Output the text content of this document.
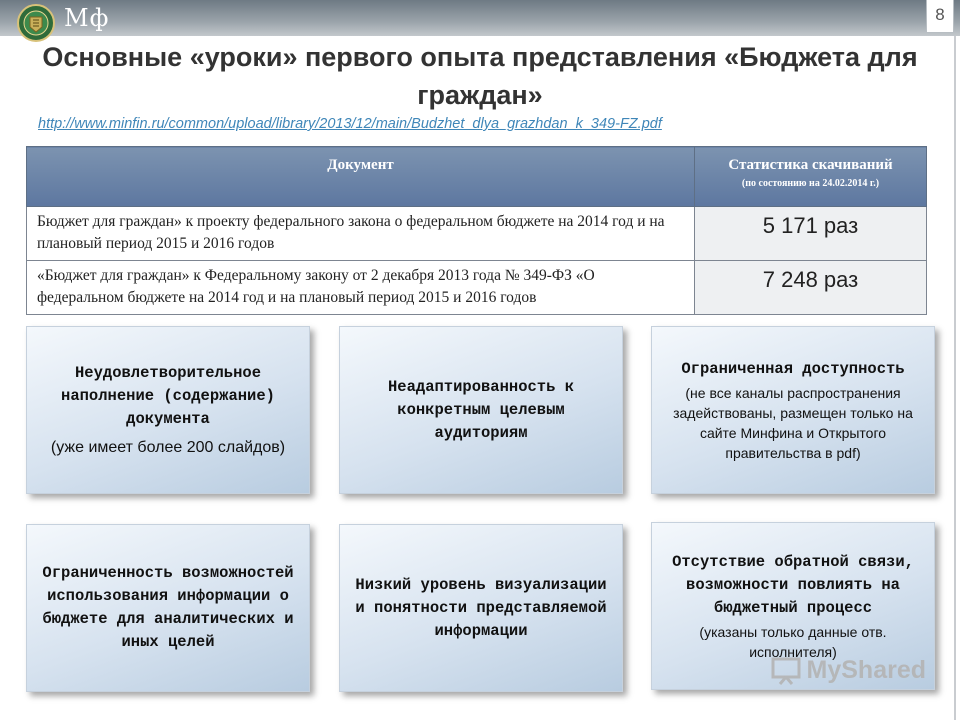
Мф	8
Основные «уроки» первого опыта представления «Бюджета для граждан»
http://www.minfin.ru/common/upload/library/2013/12/main/Budzhet_dlya_grazhdan_k_349-FZ.pdf
Документ	Статистика скачиваний
(по состоянию на 24.02.2014 г.)

Бюджет для граждан» к проекту федерального закона о федеральном бюджете на 2014 год и на плановый период 2015 и 2016 годов	5 171 раз
«Бюджет для граждан» к Федеральному закону от 2 декабря 2013 года № 349-ФЗ «О федеральном бюджете на 2014 год и на плановый период 2015 и 2016 годов	7 248 раз
Неудовлетворительное наполнение (содержание) документа
(уже имеет более 200 слайдов)
Неадаптированность к конкретным целевым аудиториям
Ограниченная доступность
(не все каналы распространения задействованы, размещен только на сайте Минфина и Открытого правительства в pdf)
Ограниченность возможностей использования информации о бюджете для аналитических и иных целей
Низкий уровень визуализации и понятности представляемой информации
Отсутствие обратной связи, возможности повлиять на бюджетный процесс
(указаны только данные отв. исполнителя)
MyShared
